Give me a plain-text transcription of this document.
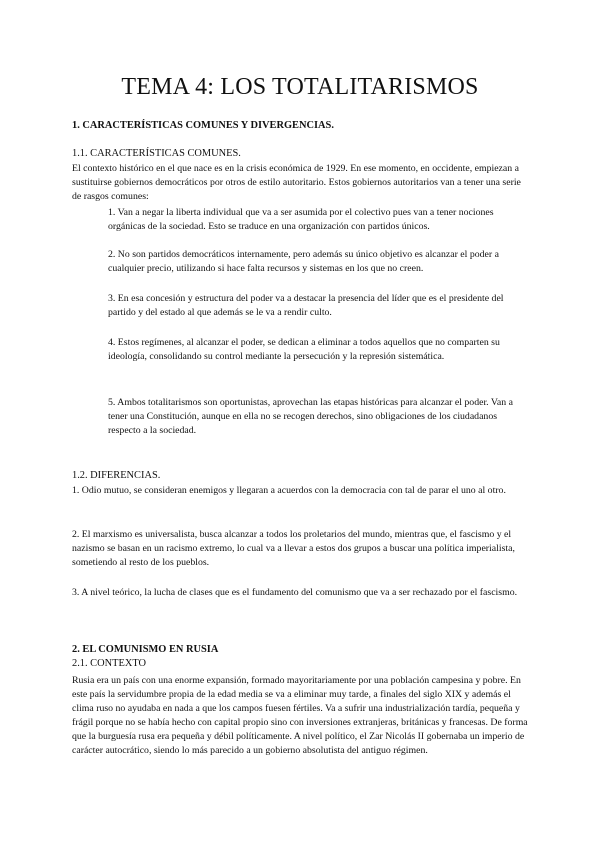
TEMA 4: LOS TOTALITARISMOS

1. CARACTERÍSTICAS COMUNES Y DIVERGENCIAS.

1.1. CARACTERÍSTICAS COMUNES.

El contexto histórico en el que nace es en la crisis económica de 1929. En ese momento, en occidente, empiezan a sustituirse gobiernos democráticos por otros de estilo autoritario. Estos gobiernos autoritarios van a tener una serie de rasgos comunes:

1. Van a negar la liberta individual que va a ser asumida por el colectivo pues van a tener nociones orgánicas de la sociedad. Esto se traduce en una organización con partidos únicos.

2. No son partidos democráticos internamente, pero además su único objetivo es alcanzar el poder a cualquier precio, utilizando si hace falta recursos y sistemas en los que no creen.

3. En esa concesión y estructura del poder va a destacar la presencia del líder que es el presidente del partido y del estado al que además se le va a rendir culto.

4. Estos regímenes, al alcanzar el poder, se dedican a eliminar a todos aquellos que no comparten su ideología, consolidando su control mediante la persecución y la represión sistemática.

5. Ambos totalitarismos son oportunistas, aprovechan las etapas históricas para alcanzar el poder. Van a tener una Constitución, aunque en ella no se recogen derechos, sino obligaciones de los ciudadanos respecto a la sociedad.

1.2. DIFERENCIAS.

1. Odio mutuo, se consideran enemigos y llegaran a acuerdos con la democracia con tal de parar el uno al otro.

2. El marxismo es universalista, busca alcanzar a todos los proletarios del mundo, mientras que, el fascismo y el nazismo se basan en un racismo extremo, lo cual va a llevar a estos dos grupos a buscar una política imperialista, sometiendo al resto de los pueblos.

3. A nivel teórico, la lucha de clases que es el fundamento del comunismo que va a ser rechazado por el fascismo.

2. EL COMUNISMO EN RUSIA

2.1. CONTEXTO

Rusia era un país con una enorme expansión, formado mayoritariamente por una población campesina y pobre. En este país la servidumbre propia de la edad media se va a eliminar muy tarde, a finales del siglo XIX y además el clima ruso no ayudaba en nada a que los campos fuesen fértiles. Va a sufrir una industrialización tardía, pequeña y frágil porque no se había hecho con capital propio sino con inversiones extranjeras, británicas y francesas. De forma que la burguesía rusa era pequeña y débil políticamente. A nivel político, el Zar Nicolás II gobernaba un imperio de carácter autocrático, siendo lo más parecido a un gobierno absolutista del antiguo régimen.
